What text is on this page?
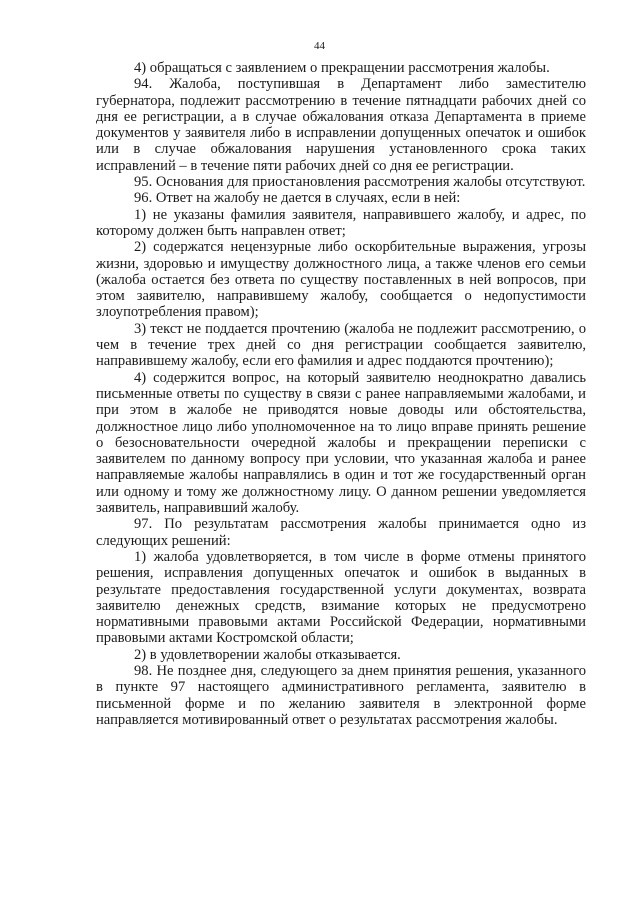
44

4) обращаться с заявлением о прекращении рассмотрения жалобы.

94. Жалоба, поступившая в Департамент либо заместителю губернатора, подлежит рассмотрению в течение пятнадцати рабочих дней со дня ее регистрации, а в случае обжалования отказа Департамента в приеме документов у заявителя либо в исправлении допущенных опечаток и ошибок или в случае обжалования нарушения установленного срока таких исправлений – в течение пяти рабочих дней со дня ее регистрации.

95. Основания для приостановления рассмотрения жалобы отсутствуют.

96. Ответ на жалобу не дается в случаях, если в ней:

1) не указаны фамилия заявителя, направившего жалобу, и адрес, по которому должен быть направлен ответ;

2) содержатся нецензурные либо оскорбительные выражения, угрозы жизни, здоровью и имуществу должностного лица, а также членов его семьи (жалоба остается без ответа по существу поставленных в ней вопросов, при этом заявителю, направившему жалобу, сообщается о недопустимости злоупотребления правом);

3) текст не поддается прочтению (жалоба не подлежит рассмотрению, о чем в течение трех дней со дня регистрации сообщается заявителю, направившему жалобу, если его фамилия и адрес поддаются прочтению);

4) содержится вопрос, на который заявителю неоднократно давались письменные ответы по существу в связи с ранее направляемыми жалобами, и при этом в жалобе не приводятся новые доводы или обстоятельства, должностное лицо либо уполномоченное на то лицо вправе принять решение о безосновательности очередной жалобы и прекращении переписки с заявителем по данному вопросу при условии, что указанная жалоба и ранее направляемые жалобы направлялись в один и тот же государственный орган или одному и тому же должностному лицу. О данном решении уведомляется заявитель, направивший жалобу.

97. По результатам рассмотрения жалобы принимается одно из следующих решений:

1) жалоба удовлетворяется, в том числе в форме отмены принятого решения, исправления допущенных опечаток и ошибок в выданных в результате предоставления государственной услуги документах, возврата заявителю денежных средств, взимание которых не предусмотрено нормативными правовыми актами Российской Федерации, нормативными правовыми актами Костромской области;

2) в удовлетворении жалобы отказывается.

98. Не позднее дня, следующего за днем принятия решения, указанного в пункте 97 настоящего административного регламента, заявителю в письменной форме и по желанию заявителя в электронной форме направляется мотивированный ответ о результатах рассмотрения жалобы.
